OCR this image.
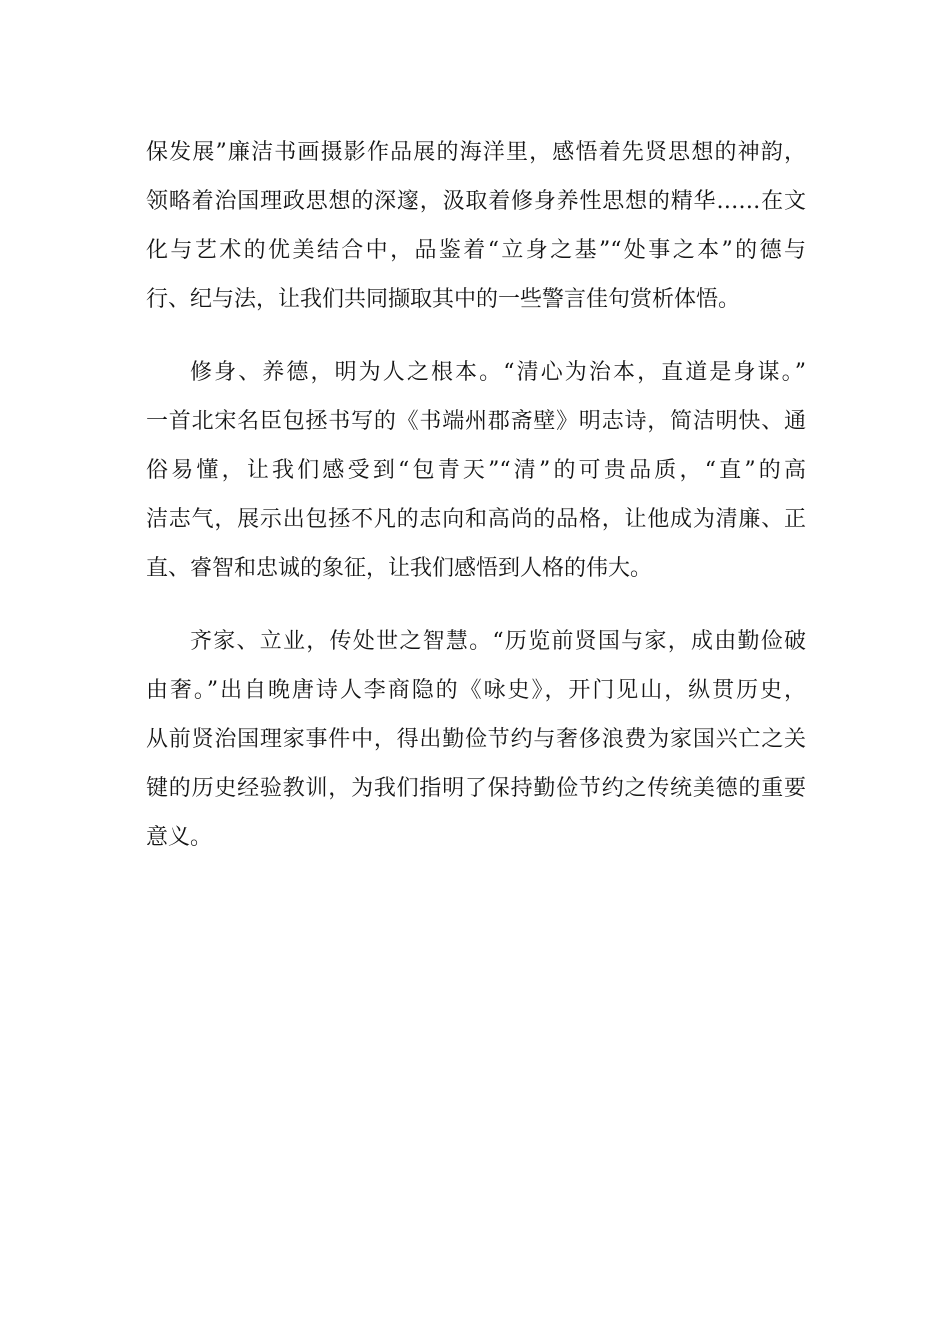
保发展”廉洁书画摄影作品展的海洋里，感悟着先贤思想的神韵，
领略着治国理政思想的深邃，汲取着修身养性思想的精华……在文
化与艺术的优美结合中，品鉴着“立身之基”“处事之本”的德与
行、纪与法，让我们共同撷取其中的一些警言佳句赏析体悟。
修身、养德，明为人之根本。“清心为治本，直道是身谋。”
一首北宋名臣包拯书写的《书端州郡斋壁》明志诗，简洁明快、通
俗易懂，让我们感受到“包青天”“清”的可贵品质，“直”的高
洁志气，展示出包拯不凡的志向和高尚的品格，让他成为清廉、正
直、睿智和忠诚的象征，让我们感悟到人格的伟大。
齐家、立业，传处世之智慧。“历览前贤国与家，成由勤俭破
由奢。”出自晚唐诗人李商隐的《咏史》，开门见山，纵贯历史，
从前贤治国理家事件中，得出勤俭节约与奢侈浪费为家国兴亡之关
键的历史经验教训，为我们指明了保持勤俭节约之传统美德的重要
意义。
